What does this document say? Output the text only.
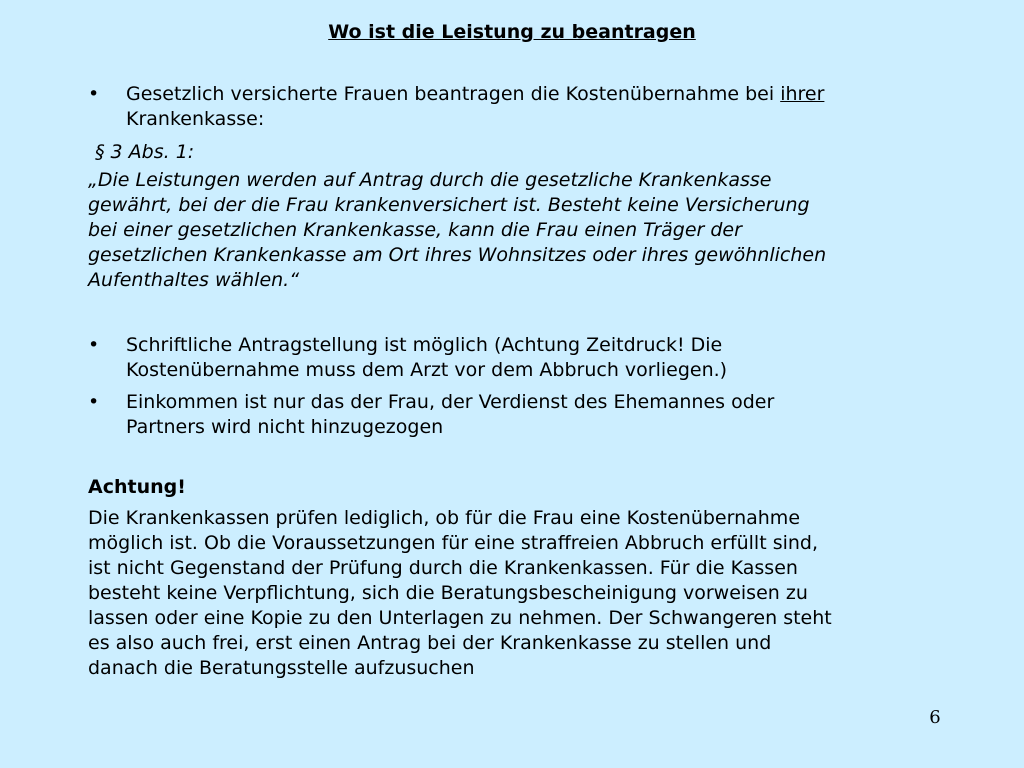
Wo ist die Leistung zu beantragen
• Gesetzlich versicherte Frauen beantragen die Kostenübernahme bei ihrer
Krankenkasse:
§ 3 Abs. 1:
„Die Leistungen werden auf Antrag durch die gesetzliche Krankenkasse
gewährt, bei der die Frau krankenversichert ist. Besteht keine Versicherung
bei einer gesetzlichen Krankenkasse, kann die Frau einen Träger der
gesetzlichen Krankenkasse am Ort ihres Wohnsitzes oder ihres gewöhnlichen
Aufenthaltes wählen.“
• Schriftliche Antragstellung ist möglich (Achtung Zeitdruck! Die
Kostenübernahme muss dem Arzt vor dem Abbruch vorliegen.)
• Einkommen ist nur das der Frau, der Verdienst des Ehemannes oder
Partners wird nicht hinzugezogen
Achtung!
Die Krankenkassen prüfen lediglich, ob für die Frau eine Kostenübernahme
möglich ist. Ob die Voraussetzungen für eine straffreien Abbruch erfüllt sind,
ist nicht Gegenstand der Prüfung durch die Krankenkassen. Für die Kassen
besteht keine Verpflichtung, sich die Beratungsbescheinigung vorweisen zu
lassen oder eine Kopie zu den Unterlagen zu nehmen. Der Schwangeren steht
es also auch frei, erst einen Antrag bei der Krankenkasse zu stellen und
danach die Beratungsstelle aufzusuchen
6
